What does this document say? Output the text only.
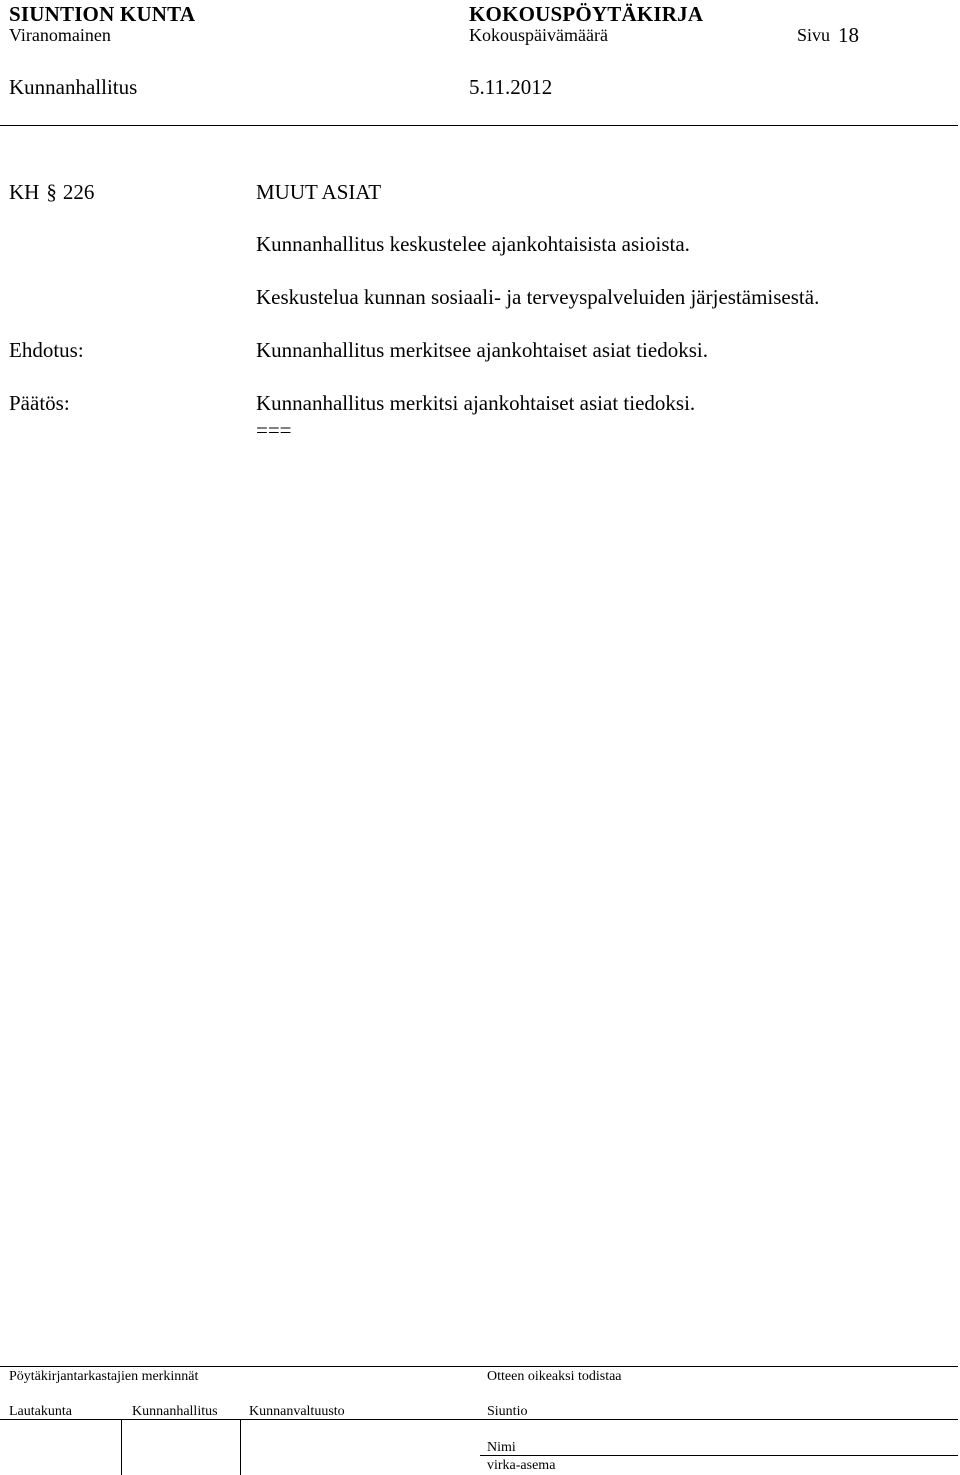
SIUNTION KUNTA	KOKOUSPÖYTÄKIRJA
Viranomainen	Kokouspäivämäärä	Sivu 18
Kunnanhallitus	5.11.2012
KH § 226	MUUT ASIAT
Kunnanhallitus keskustelee ajankohtaisista asioista.
Keskustelua kunnan sosiaali- ja terveyspalveluiden järjestämisestä.
Ehdotus:	Kunnanhallitus merkitsee ajankohtaiset asiat tiedoksi.
Päätös:	Kunnanhallitus merkitsi ajankohtaiset asiat tiedoksi.
===
Pöytäkirjantarkastajien merkinnät	Otteen oikeaksi todistaa
Lautakunta	Kunnanhallitus Kunnanvaltuusto	Siuntio
Nimi
virka-asema
